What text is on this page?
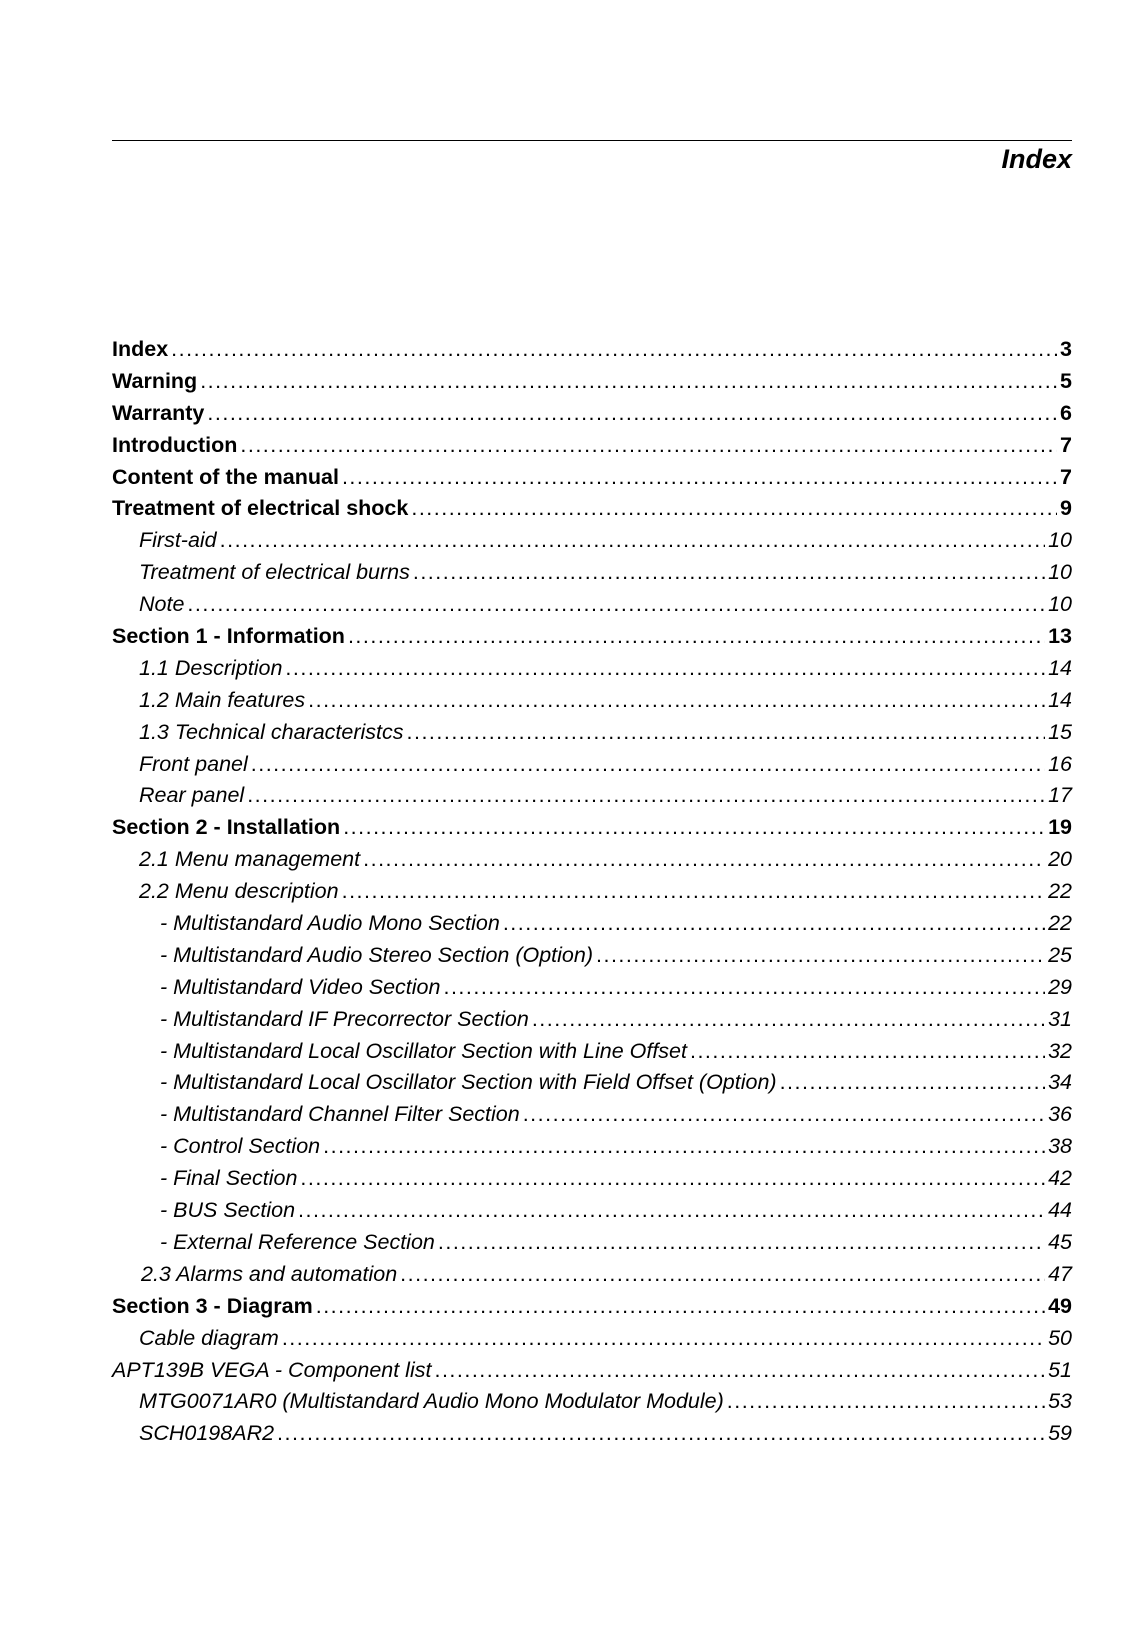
Index
Index .....	3
Warning .....	5
Warranty .....	6
Introduction .....	7
Content of the manual .....	7
Treatment of electrical shock .....	9
First-aid .....	10
Treatment of electrical burns .....	10
Note .....	10
Section 1 - Information .....	13
1.1 Description .....	14
1.2 Main features .....	14
1.3 Technical characteristcs .....	15
Front panel .....	16
Rear panel .....	17
Section 2 - Installation .....	19
2.1 Menu management .....	20
2.2 Menu description .....	22
- Multistandard Audio Mono Section .....	22
- Multistandard Audio Stereo Section (Option) .....	25
- Multistandard Video Section .....	29
- Multistandard IF Precorrector Section .....	31
- Multistandard Local Oscillator Section with Line Offset .....	32
- Multistandard Local Oscillator Section with Field Offset (Option) .....	34
- Multistandard Channel Filter Section .....	36
- Control Section .....	38
- Final Section .....	42
- BUS Section .....	44
- External Reference Section .....	45
2.3 Alarms and automation .....	47
Section 3 - Diagram .....	49
Cable diagram .....	50
APT139B VEGA - Component list .....	51
MTG0071AR0 (Multistandard Audio Mono Modulator Module) .....	53
SCH0198AR2 .....	59
